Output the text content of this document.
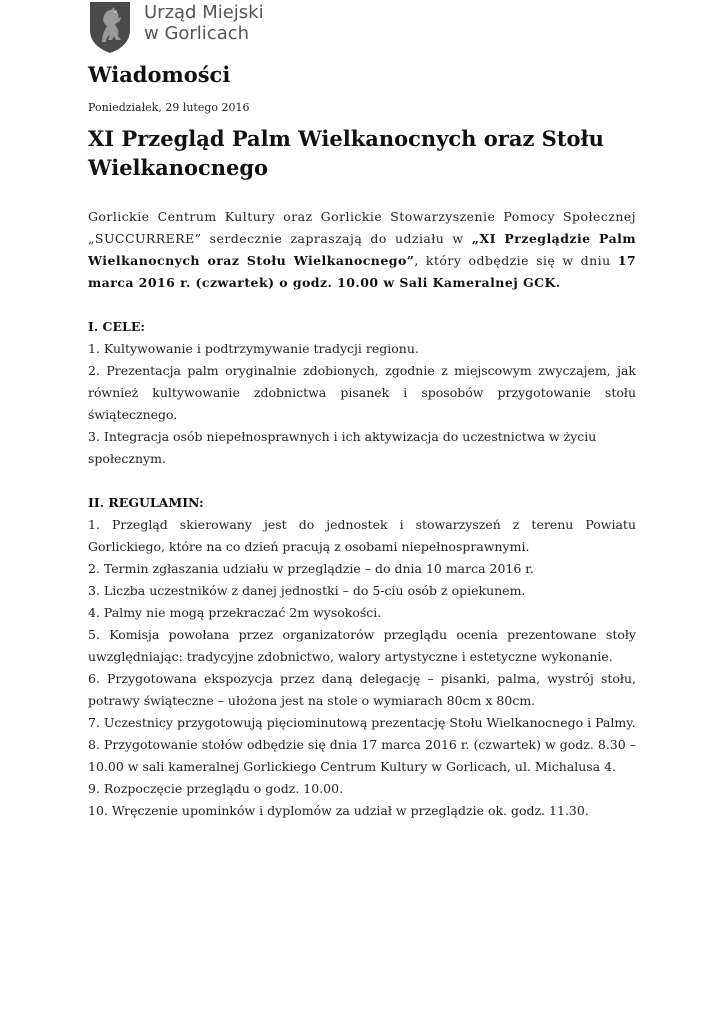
Urząd Miejski
w Gorlicach
Wiadomości
Poniedziałek, 29 lutego 2016
XI Przegląd Palm Wielkanocnych oraz Stołu Wielkanocnego

Gorlickie Centrum Kultury oraz Gorlickie Stowarzyszenie Pomocy Społecznej „SUCCURRERE” serdecznie zapraszają do udziału w „XI Przeglądzie Palm Wielkanocnych oraz Stołu Wielkanocnego”, który odbędzie się w dniu 17 marca 2016 r. (czwartek) o godz. 10.00 w Sali Kameralnej GCK.

I. CELE:
1. Kultywowanie i podtrzymywanie tradycji regionu.
2. Prezentacja palm oryginalnie zdobionych, zgodnie z miejscowym zwyczajem, jak również kultywowanie zdobnictwa pisanek i sposobów przygotowanie stołu świątecznego.
3. Integracja osób niepełnosprawnych i ich aktywizacja do uczestnictwa w życiu społecznym.
II. REGULAMIN:
1. Przegląd skierowany jest do jednostek i stowarzyszeń z terenu Powiatu Gorlickiego, które na co dzień pracują z osobami niepełnosprawnymi.
2. Termin zgłaszania udziału w przeglądzie – do dnia 10 marca 2016 r.
3. Liczba uczestników z danej jednostki – do 5-ciu osób z opiekunem.
4. Palmy nie mogą przekraczać 2m wysokości.
5. Komisja powołana przez organizatorów przeglądu ocenia prezentowane stoły uwzględniając: tradycyjne zdobnictwo, walory artystyczne i estetyczne wykonanie.
6. Przygotowana ekspozycja przez daną delegację – pisanki, palma, wystrój stołu, potrawy świąteczne – ułożona jest na stole o wymiarach 80cm x 80cm.
7. Uczestnicy przygotowują pięciominutową prezentację Stołu Wielkanocnego i Palmy.
8. Przygotowanie stołów odbędzie się dnia 17 marca 2016 r. (czwartek) w godz. 8.30 – 10.00 w sali kameralnej Gorlickiego Centrum Kultury w Gorlicach, ul. Michalusa 4.
9. Rozpoczęcie przeglądu o godz. 10.00.
10. Wręczenie upominków i dyplomów za udział w przeglądzie ok. godz. 11.30.
